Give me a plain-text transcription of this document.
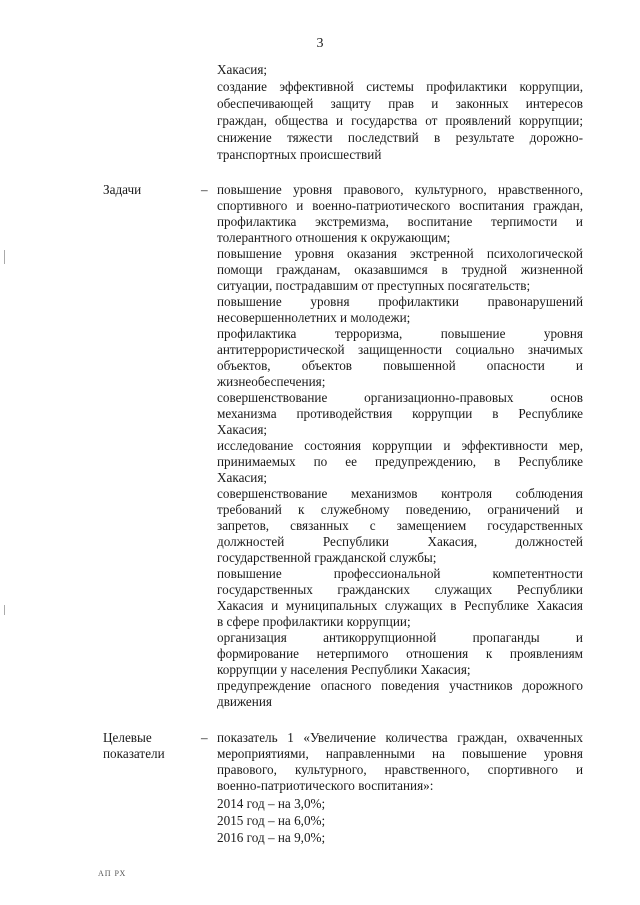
3
Хакасия;
создание эффективной системы профилактики коррупции,
обеспечивающей защиту прав и законных интересов
граждан, общества и государства от проявлений коррупции;
снижение тяжести последствий в результате дорожно-
транспортных происшествий
Задачи	– повышение уровня правового, культурного, нравственного,
спортивного и военно-патриотического воспитания граждан,
профилактика экстремизма, воспитание терпимости и
толерантного отношения к окружающим;
повышение уровня оказания экстренной психологической
помощи гражданам, оказавшимся в трудной жизненной
ситуации, пострадавшим от преступных посягательств;
повышение уровня профилактики правонарушений
несовершеннолетних и молодежи;
профилактика терроризма, повышение уровня
антитеррористической защищенности социально значимых
объектов, объектов повышенной опасности и
жизнеобеспечения;
совершенствование организационно-правовых основ
механизма противодействия коррупции в Республике
Хакасия;
исследование состояния коррупции и эффективности мер,
принимаемых по ее предупреждению, в Республике
Хакасия;
совершенствование механизмов контроля соблюдения
требований к служебному поведению, ограничений и
запретов, связанных с замещением государственных
должностей Республики Хакасия, должностей
государственной гражданской службы;
повышение профессиональной компетентности
государственных гражданских служащих Республики
Хакасия и муниципальных служащих в Республике Хакасия
в сфере профилактики коррупции;
организация антикоррупционной пропаганды и
формирование нетерпимого отношения к проявлениям
коррупции у населения Республики Хакасия;
предупреждение опасного поведения участников дорожного
движения
Целевые
показатели
– показатель 1 «Увеличение количества граждан, охваченных
мероприятиями, направленными на повышение уровня
правового, культурного, нравственного, спортивного и
военно-патриотического воспитания»:
2014 год – на 3,0%;
2015 год – на 6,0%;
2016 год – на 9,0%;
АП РХ
